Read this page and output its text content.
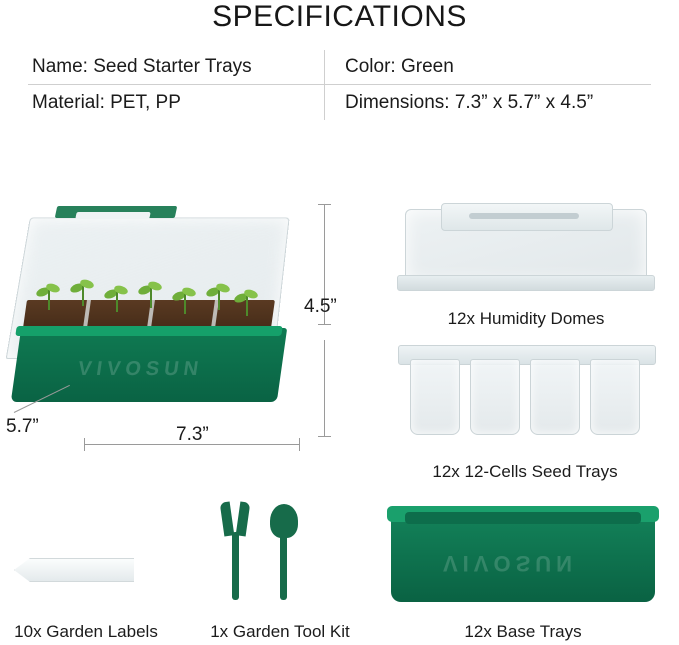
SPECIFICATIONS
Name: Seed Starter Trays	Color: Green
Material: PET, PP	Dimensions: 7.3” x 5.7” x 4.5”
VIVOSUN
4.5”
5.7”	7.3”
12x Humidity Domes
12x 12-Cells Seed Trays
VIVOSUN
12x Base Trays
10x Garden Labels	1x Garden Tool Kit
